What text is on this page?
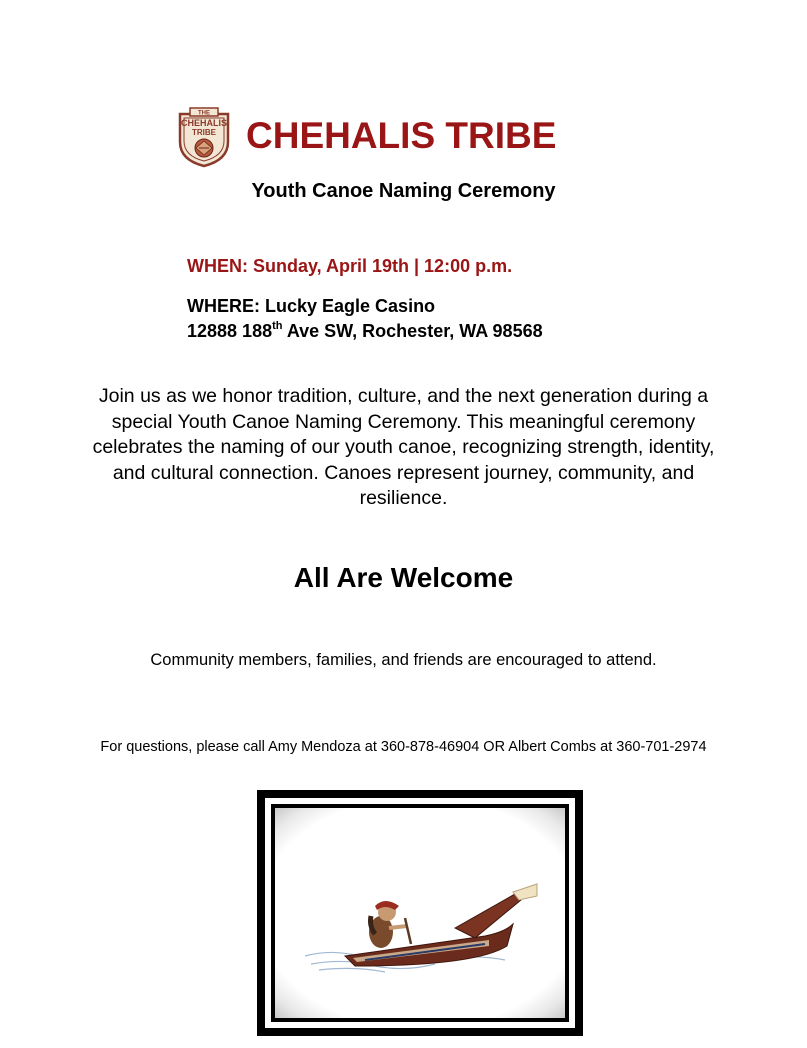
THE
CHEHALIS
TRIBE CHEHALIS TRIBE
Youth Canoe Naming Ceremony
WHEN: Sunday, April 19th | 12:00 p.m.
WHERE: Lucky Eagle Casino
12888 188th Ave SW, Rochester, WA 98568
Join us as we honor tradition, culture, and the next generation during a special Youth Canoe Naming Ceremony. This meaningful ceremony celebrates the naming of our youth canoe, recognizing strength, identity, and cultural connection. Canoes represent journey, community, and resilience.
All Are Welcome
Community members, families, and friends are encouraged to attend.
For questions, please call Amy Mendoza at 360-878-46904 OR Albert Combs at 360-701-2974
